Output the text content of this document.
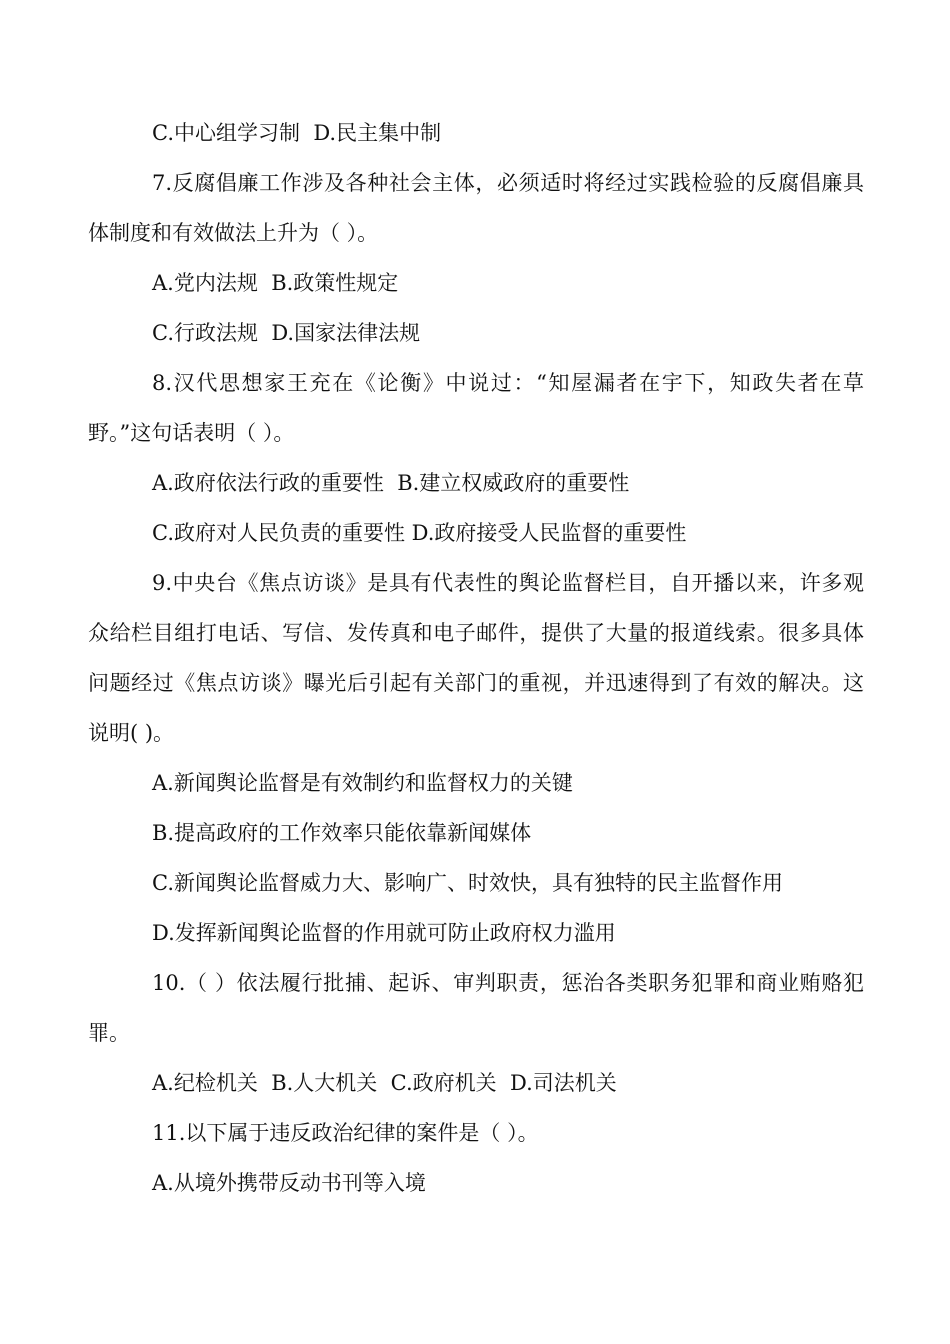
C.中心组学习制  D.民主集中制

7.反腐倡廉工作涉及各种社会主体，必须适时将经过实践检验的反腐倡廉具体制度和有效做法上升为（ ）。

A.党内法规  B.政策性规定

C.行政法规  D.国家法律法规

8.汉代思想家王充在《论衡》中说过：“知屋漏者在宇下，知政失者在草野。”这句话表明（ ）。

A.政府依法行政的重要性  B.建立权威政府的重要性

C.政府对人民负责的重要性 D.政府接受人民监督的重要性

9.中央台《焦点访谈》是具有代表性的舆论监督栏目，自开播以来，许多观众给栏目组打电话、写信、发传真和电子邮件，提供了大量的报道线索。很多具体问题经过《焦点访谈》曝光后引起有关部门的重视，并迅速得到了有效的解决。这说明( )。

A.新闻舆论监督是有效制约和监督权力的关键

B.提高政府的工作效率只能依靠新闻媒体

C.新闻舆论监督威力大、影响广、时效快，具有独特的民主监督作用

D.发挥新闻舆论监督的作用就可防止政府权力滥用

10.（ ）依法履行批捕、起诉、审判职责，惩治各类职务犯罪和商业贿赂犯罪。

A.纪检机关  B.人大机关  C.政府机关  D.司法机关

11.以下属于违反政治纪律的案件是（ ）。

A.从境外携带反动书刊等入境
